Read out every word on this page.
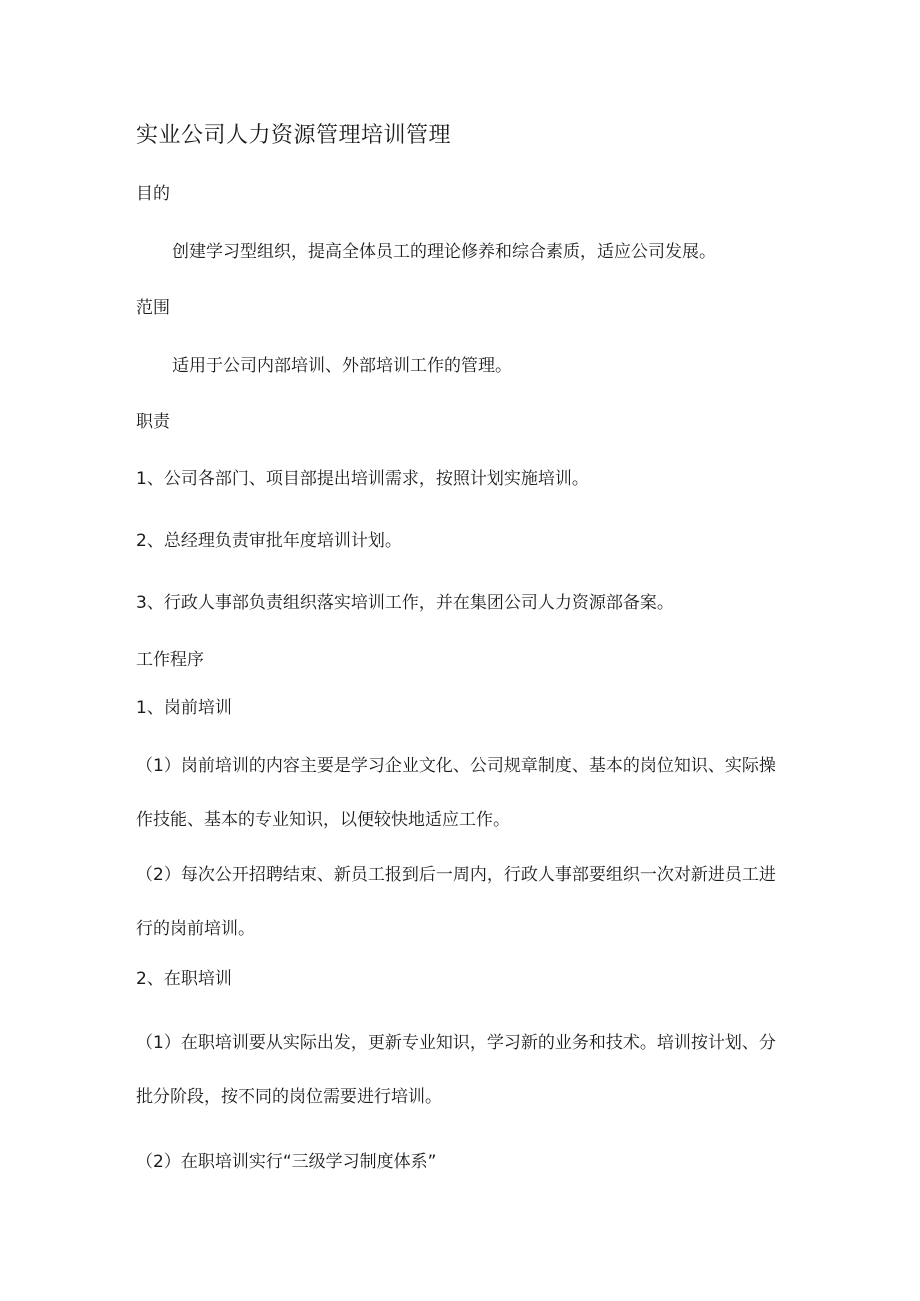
实业公司人力资源管理培训管理
目的
创建学习型组织，提高全体员工的理论修养和综合素质，适应公司发展。
范围
适用于公司内部培训、外部培训工作的管理。
职责
1、公司各部门、项目部提出培训需求，按照计划实施培训。
2、总经理负责审批年度培训计划。
3、行政人事部负责组织落实培训工作，并在集团公司人力资源部备案。
工作程序
1、岗前培训
（1）岗前培训的内容主要是学习企业文化、公司规章制度、基本的岗位知识、实际操作技能、基本的专业知识，以便较快地适应工作。
（2）每次公开招聘结束、新员工报到后一周内，行政人事部要组织一次对新进员工进行的岗前培训。
2、在职培训
（1）在职培训要从实际出发，更新专业知识，学习新的业务和技术。培训按计划、分批分阶段，按不同的岗位需要进行培训。
（2）在职培训实行“三级学习制度体系”
